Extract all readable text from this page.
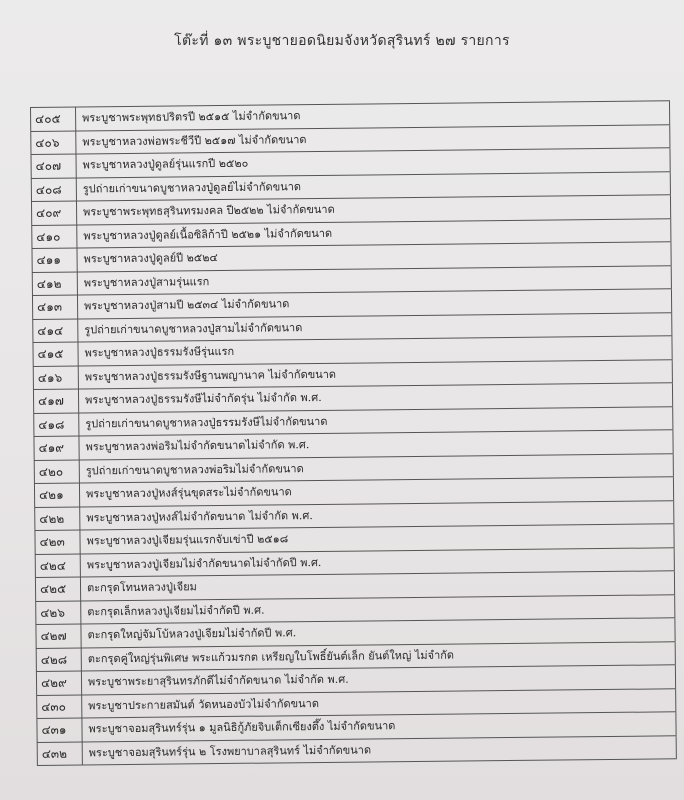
โต๊ะที่ ๑๓ พระบูชายอดนิยมจังหวัดสุรินทร์ ๒๗ รายการ
๔๐๕	พระบูชาพระพุทธปริตรปี ๒๕๑๕ ไม่จำกัดขนาด
๔๐๖	พระบูชาหลวงพ่อพระชีวีปี ๒๕๑๗ ไม่จำกัดขนาด
๔๐๗	พระบูชาหลวงปู่ดูลย์รุ่นแรกปี ๒๕๒๐
๔๐๘	รูปถ่ายเก่าขนาดบูชาหลวงปู่ดูลย์ไม่จำกัดขนาด
๔๐๙	พระบูชาพระพุทธสุรินทรมงคล ปี๒๕๒๒ ไม่จำกัดขนาด
๔๑๐	พระบูชาหลวงปู่ดูลย์เนื้อซิลิก้าปี ๒๕๒๑ ไม่จำกัดขนาด
๔๑๑	พระบูชาหลวงปู่ดูลย์ปี ๒๕๒๔
๔๑๒	พระบูชาหลวงปู่สามรุ่นแรก
๔๑๓	พระบูชาหลวงปู่สามปี ๒๕๓๔ ไม่จำกัดขนาด
๔๑๔	รูปถ่ายเก่าขนาดบูชาหลวงปู่สามไม่จำกัดขนาด
๔๑๕	พระบูชาหลวงปู่ธรรมรังษีรุ่นแรก
๔๑๖	พระบูชาหลวงปู่ธรรมรังษีฐานพญานาค ไม่จำกัดขนาด
๔๑๗	พระบูชาหลวงปู่ธรรมรังษีไม่จำกัดรุ่น ไม่จำกัด พ.ศ.
๔๑๘	รูปถ่ายเก่าขนาดบูชาหลวงปู่ธรรมรังษีไม่จำกัดขนาด
๔๑๙	พระบูชาหลวงพ่อริมไม่จำกัดขนาดไม่จำกัด พ.ศ.
๔๒๐	รูปถ่ายเก่าขนาดบูชาหลวงพ่อริมไม่จำกัดขนาด
๔๒๑	พระบูชาหลวงปู่หงส์รุ่นขุดสระไม่จำกัดขนาด
๔๒๒	พระบูชาหลวงปู่หงส์ไม่จำกัดขนาด ไม่จำกัด พ.ศ.
๔๒๓	พระบูชาหลวงปู่เจียมรุ่นแรกจับเข่าปี ๒๕๑๘
๔๒๔	พระบูชาหลวงปู่เจียมไม่จำกัดขนาดไม่จำกัดปี พ.ศ.
๔๒๕	ตะกรุดโทนหลวงปู่เจียม
๔๒๖	ตะกรุดเล็กหลวงปู่เจียมไม่จำกัดปี พ.ศ.
๔๒๗	ตะกรุดใหญ่จัมโบ้หลวงปู่เจียมไม่จำกัดปี พ.ศ.
๔๒๘	ตะกรุดคู่ใหญ่รุ่นพิเศษ พระแก้วมรกต เหรียญใบโพธิ์ยันต์เล็ก ยันต์ใหญ่ ไม่จำกัด
๔๒๙	พระบูชาพระยาสุรินทรภักดีไม่จำกัดขนาด ไม่จำกัด พ.ศ.
๔๓๐	พระบูชาประกายสมันต์ วัดหนองบัวไม่จำกัดขนาด
๔๓๑	พระบูชาจอมสุรินทร์รุ่น ๑ มูลนิธิกู้ภัยจิบเต็กเซียงตึ๊ง ไม่จำกัดขนาด
๔๓๒	พระบูชาจอมสุรินทร์รุ่น ๒ โรงพยาบาลสุรินทร์ ไม่จำกัดขนาด
